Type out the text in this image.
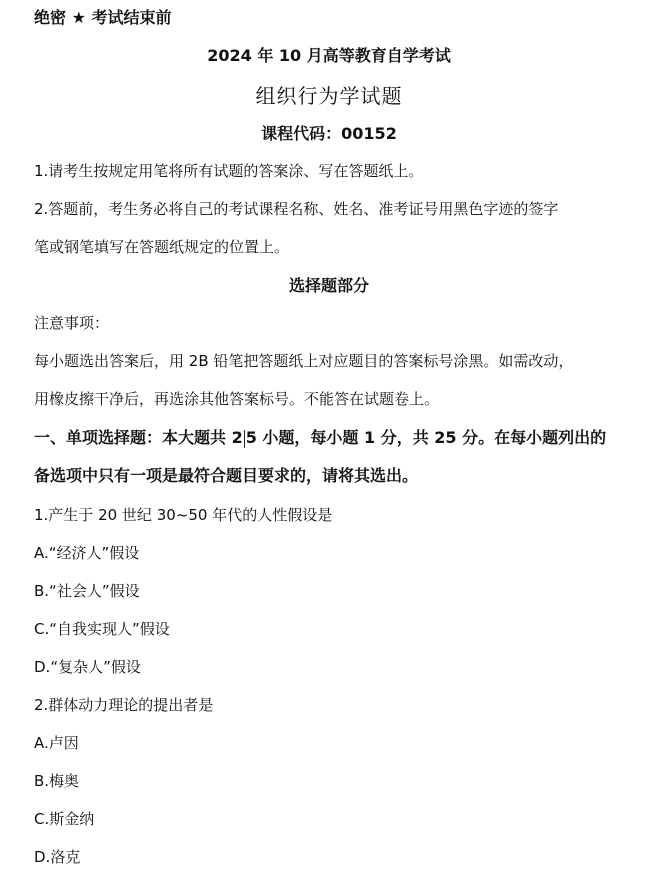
绝密 ★ 考试结束前
2024 年 10 月高等教育自学考试
组织行为学试题
课程代码：00152
1.请考生按规定用笔将所有试题的答案涂、写在答题纸上。
2.答题前，考生务必将自己的考试课程名称、姓名、准考证号用黑色字迹的签字
笔或钢笔填写在答题纸规定的位置上。
选择题部分
注意事项：
每小题选出答案后，用 2B 铅笔把答题纸上对应题目的答案标号涂黑。如需改动，
用橡皮擦干净后，再选涂其他答案标号。不能答在试题卷上。
一、单项选择题：本大题共 2 5 小题，每小题 1 分，共 25 分。在每小题列出的
备选项中只有一项是最符合题目要求的，请将其选出。
1.产生于 20 世纪 30~50 年代的人性假设是
A.“经济人”假设
B.“社会人”假设
C.“自我实现人”假设
D.“复杂人”假设
2.群体动力理论的提出者是
A.卢因
B.梅奥
C.斯金纳
D.洛克
